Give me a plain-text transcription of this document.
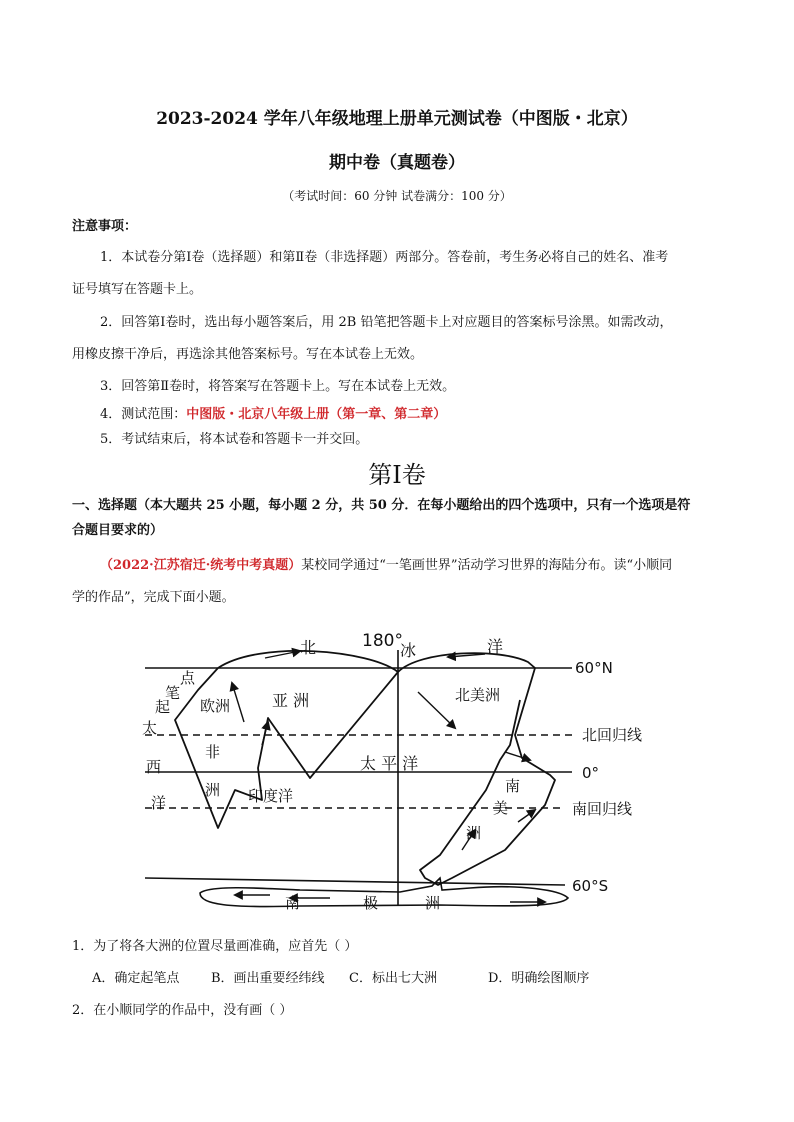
2023-2024 学年八年级地理上册单元测试卷（中图版・北京）
期中卷（真题卷）
（考试时间：60 分钟 试卷满分：100 分）
注意事项：
1．本试卷分第Ⅰ卷（选择题）和第Ⅱ卷（非选择题）两部分。答卷前，考生务必将自己的姓名、准考
证号填写在答题卡上。
2．回答第Ⅰ卷时，选出每小题答案后，用 2B 铅笔把答题卡上对应题目的答案标号涂黑。如需改动，
用橡皮擦干净后，再选涂其他答案标号。写在本试卷上无效。
3．回答第Ⅱ卷时，将答案写在答题卡上。写在本试卷上无效。
4．测试范围：中图版・北京八年级上册（第一章、第二章）
5．考试结束后，将本试卷和答题卡一并交回。
第I卷
一、选择题（本大题共 25 小题，每小题 2 分，共 50 分．在每小题给出的四个选项中，只有一个选项是符
合题目要求的）
（2022·江苏宿迁·统考中考真题）某校同学通过“一笔画世界”活动学习世界的海陆分布。读“小顺同
学的作品”，完成下面小题。
180°
60°N
北回归线
0°
南回归线
60°S
北	冰	洋
起
笔
点
太
西
洋
欧洲	亚 洲
非
洲 印度洋
太 平 洋
北美洲
南
美
洲
南	极	洲
1．为了将各大洲的位置尽量画准确，应首先（ ）
A．确定起笔点 B．画出重要经纬线 C．标出七大洲	D．明确绘图顺序
2．在小顺同学的作品中，没有画（ ）
